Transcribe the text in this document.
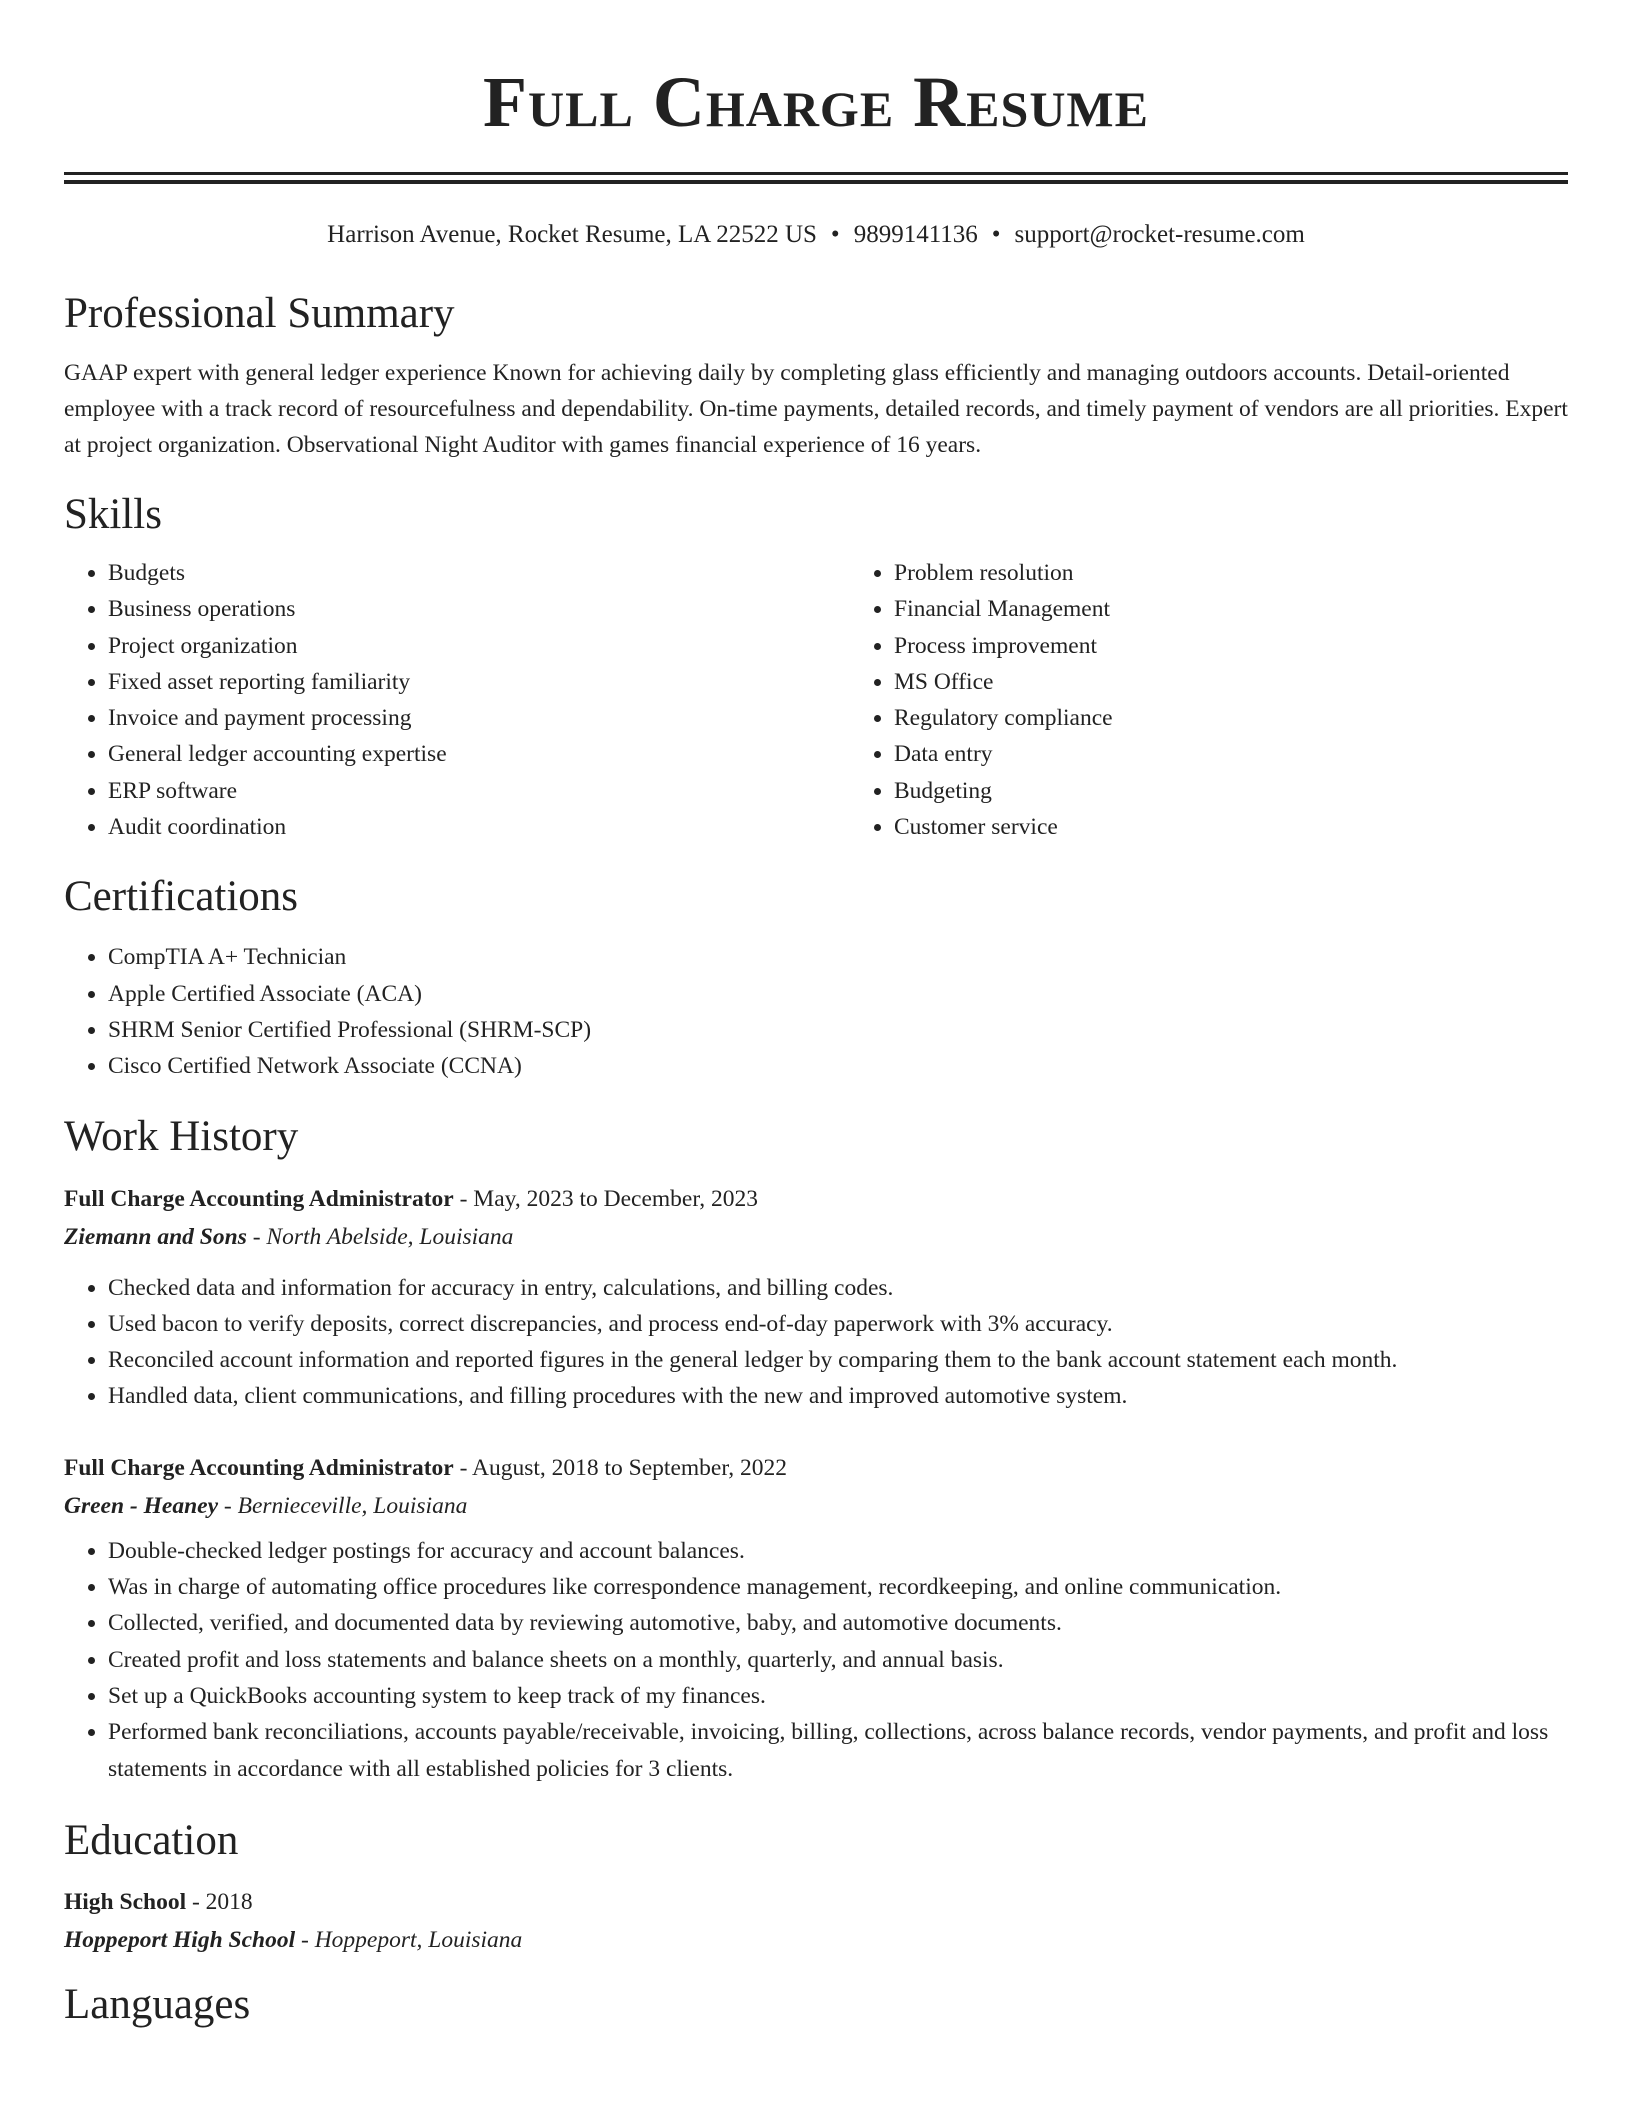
Full Charge Resume
Harrison Avenue, Rocket Resume, LA 22522 US • 9899141136 • support@rocket-resume.com
Professional Summary

GAAP expert with general ledger experience Known for achieving daily by completing glass efficiently and managing outdoors accounts. Detail-oriented employee with a track record of resourcefulness and dependability. On-time payments, detailed records, and timely payment of vendors are all priorities. Expert at project organization. Observational Night Auditor with games financial experience of 16 years.

Skills
• Budgets
• Business operations
• Project organization
• Fixed asset reporting familiarity
• Invoice and payment processing
• General ledger accounting expertise
• ERP software
• Audit coordination
• Problem resolution
• Financial Management
• Process improvement
• MS Office
• Regulatory compliance
• Data entry
• Budgeting
• Customer service
Certifications
• CompTIA A+ Technician
• Apple Certified Associate (ACA)
• SHRM Senior Certified Professional (SHRM-SCP)
• Cisco Certified Network Associate (CCNA)
Work History
Full Charge Accounting Administrator - May, 2023 to December, 2023
Ziemann and Sons - North Abelside, Louisiana
• Checked data and information for accuracy in entry, calculations, and billing codes.
• Used bacon to verify deposits, correct discrepancies, and process end-of-day paperwork with 3% accuracy.
• Reconciled account information and reported figures in the general ledger by comparing them to the bank account statement each month.
• Handled data, client communications, and filling procedures with the new and improved automotive system.
Full Charge Accounting Administrator - August, 2018 to September, 2022
Green - Heaney - Bernieceville, Louisiana
• Double-checked ledger postings for accuracy and account balances.
• Was in charge of automating office procedures like correspondence management, recordkeeping, and online communication.
• Collected, verified, and documented data by reviewing automotive, baby, and automotive documents.
• Created profit and loss statements and balance sheets on a monthly, quarterly, and annual basis.
• Set up a QuickBooks accounting system to keep track of my finances.
• Performed bank reconciliations, accounts payable/receivable, invoicing, billing, collections, across balance records, vendor payments, and profit and loss statements in accordance with all established policies for 3 clients.
Education
High School - 2018
Hoppeport High School - Hoppeport, Louisiana
Languages
